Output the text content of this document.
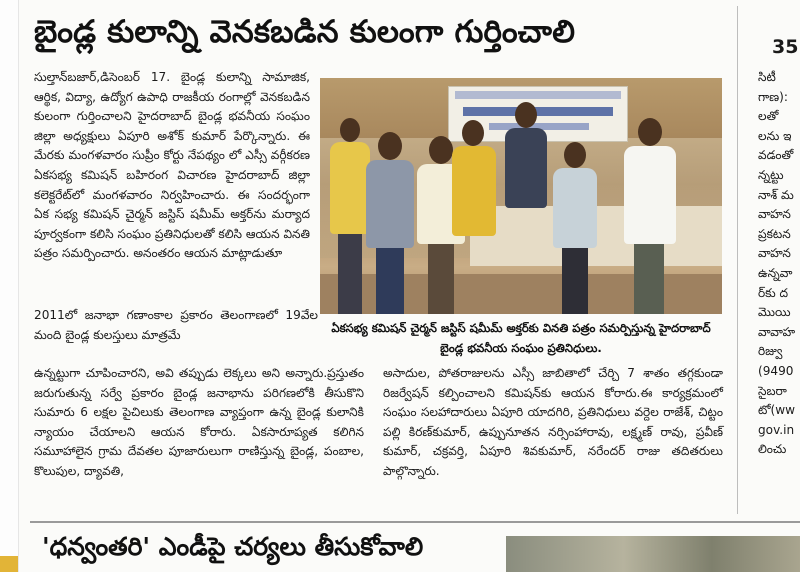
బైండ్ల కులాన్ని వెనకబడిన కులంగా గుర్తించాలి
సుల్తాన్‌బజార్,డిసెంబర్ 17. బైండ్ల కులాన్ని సామాజిక, ఆర్థిక, విద్యా, ఉద్యోగ ఉపాధి రాజకీయ రంగాల్లో వెనకబడిన కులంగా గుర్తించాలని హైదరాబాద్ బైండ్ల భవనీయ సంఘం జిల్లా అధ్యక్షులు ఏపూరి అశోక్ కుమార్ పేర్కొన్నారు. ఈ మేరకు మంగళవారం సుప్రీం కోర్టు నేపథ్యం లో ఎస్సీ వర్గీకరణ ఏకసభ్య కమిషన్ బహిరంగ విచారణ హైదరాబాద్ జిల్లా కలెక్టరేట్‌లో మంగళవారం నిర్వహించారు. ఈ సందర్భంగా ఏక సభ్య కమిషన్ చైర్మన్ జస్టిస్ షమీమ్ అక్తర్‌ను మర్యాద పూర్వకంగా కలిసి సంఘం ప్రతినిధులతో కలిసి ఆయన వినతి పత్రం సమర్పించారు. అనంతరం ఆయన మాట్లాడుతూ
ఏకసభ్య కమిషన్ చైర్మన్ జస్టిస్ షమీమ్ అక్తర్‌కు వినతి పత్రం సమర్పిస్తున్న హైదరాబాద్ బైండ్ల భవనీయ సంఘం ప్రతినిధులు.
2011లో జనాభా గణాంకాల ప్రకారం తెలంగాణలో 19వేల మంది బైండ్ల కులస్తులు మాత్రమే
ఉన్నట్టుగా చూపించారని, అవి తప్పుడు లెక్కలు అని అన్నారు.ప్రస్తుతం జరుగుతున్న సర్వే ప్రకారం బైండ్ల జనాభాను పరిగణలోకి తీసుకొని సుమారు 6 లక్షల పైచిలుకు తెలంగాణ వ్యాప్తంగా ఉన్న బైండ్ల కులానికి న్యాయం చేయాలని ఆయన కోరారు. ఏకసారూప్యత కలిగిన సమూహాలైన గ్రామ దేవతల పూజారులుగా రాణిస్తున్న బైండ్ల, పంబాల, కొలుపుల, ద్యావతి,
అసాదుల, పోతరాజులను ఎస్సీ జాబితాలో చేర్చి 7 శాతం తగ్గకుండా రిజర్వేషన్ కల్పించాలని కమిషన్‌కు ఆయన కోరారు.ఈ కార్యక్రమంలో సంఘం సలహాదారులు ఏపూరి యాదగిరి, ప్రతినిధులు వర్దెల రాజేశ్, చిట్టం పల్లి కిరణ్‌కుమార్, ఉప్పునూతన నర్సింహారావు, లక్ష్మణ్ రావు, ప్రవీణ్ కుమార్, చక్రవర్తి, ఏపూరి శివకుమార్, నరేందర్ రాజు తదితరులు పాల్గొన్నారు.
35
సిటీ
గాణ):
లతో
లను ఇ
వడంతో
న్నట్టు
నాశ్ మ
వాహన
ప్రకటన
వాహన
ఉన్నవా
ర్‌కు ద
మొయి
వావాహ
రిజ్వు
(9490
సైబరా
టో(ww
gov.in
లించు
'ధన్వంతరి' ఎండీపై చర్యలు తీసుకోవాలి
